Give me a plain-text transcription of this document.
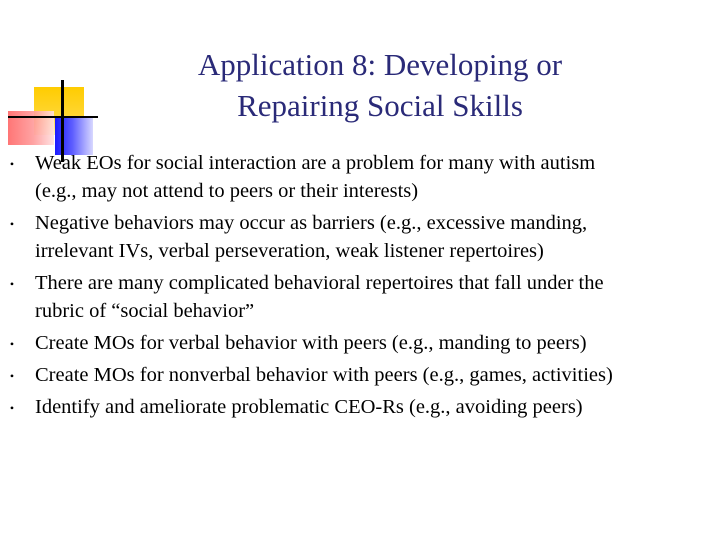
Application 8: Developing or
Repairing Social Skills
• Weak EOs for social interaction are a problem for many with autism
(e.g., may not attend to peers or their interests)
• Negative behaviors may occur as barriers (e.g., excessive manding,
irrelevant IVs, verbal perseveration, weak listener repertoires)
• There are many complicated behavioral repertoires that fall under the
rubric of “social behavior”
• Create MOs for verbal behavior with peers (e.g., manding to peers)
• Create MOs for nonverbal behavior with peers (e.g., games, activities)
• Identify and ameliorate problematic CEO-Rs (e.g., avoiding peers)
